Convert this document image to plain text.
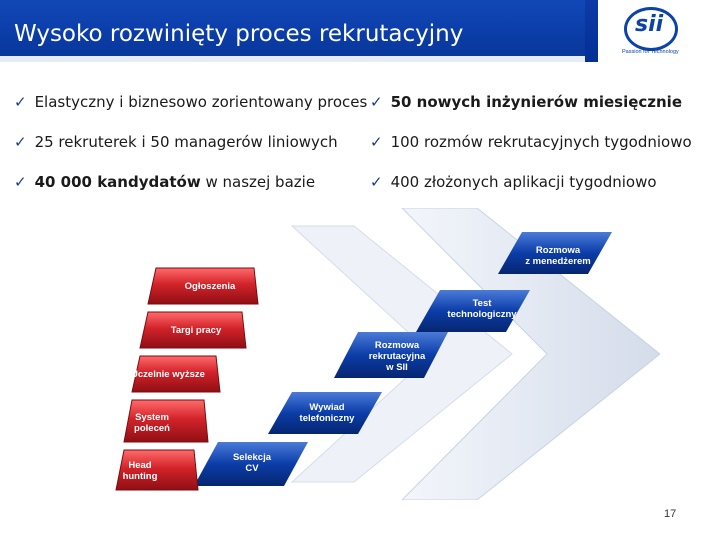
Wysoko rozwinięty proces rekrutacyjny	sii
Passion for Technology
✓ Elastyczny i biznesowo zorientowany proces
✓ 25 rekruterek i 50 managerów liniowych
✓ 40 000 kandydatów w naszej bazie
✓ 50 nowych inżynierów miesięcznie
✓ 100 rozmów rekrutacyjnych tygodniowo
✓ 400 złożonych aplikacji tygodniowo
Ogłoszenia
Targi pracy
Uczelnie wyższe
System poleceń
Head hunting
Selekcja
CV
Wywiad
telefoniczny
Rozmowa
rekrutacyjna
w SII
Test
technologiczny
Rozmowa
z menedżerem
17
